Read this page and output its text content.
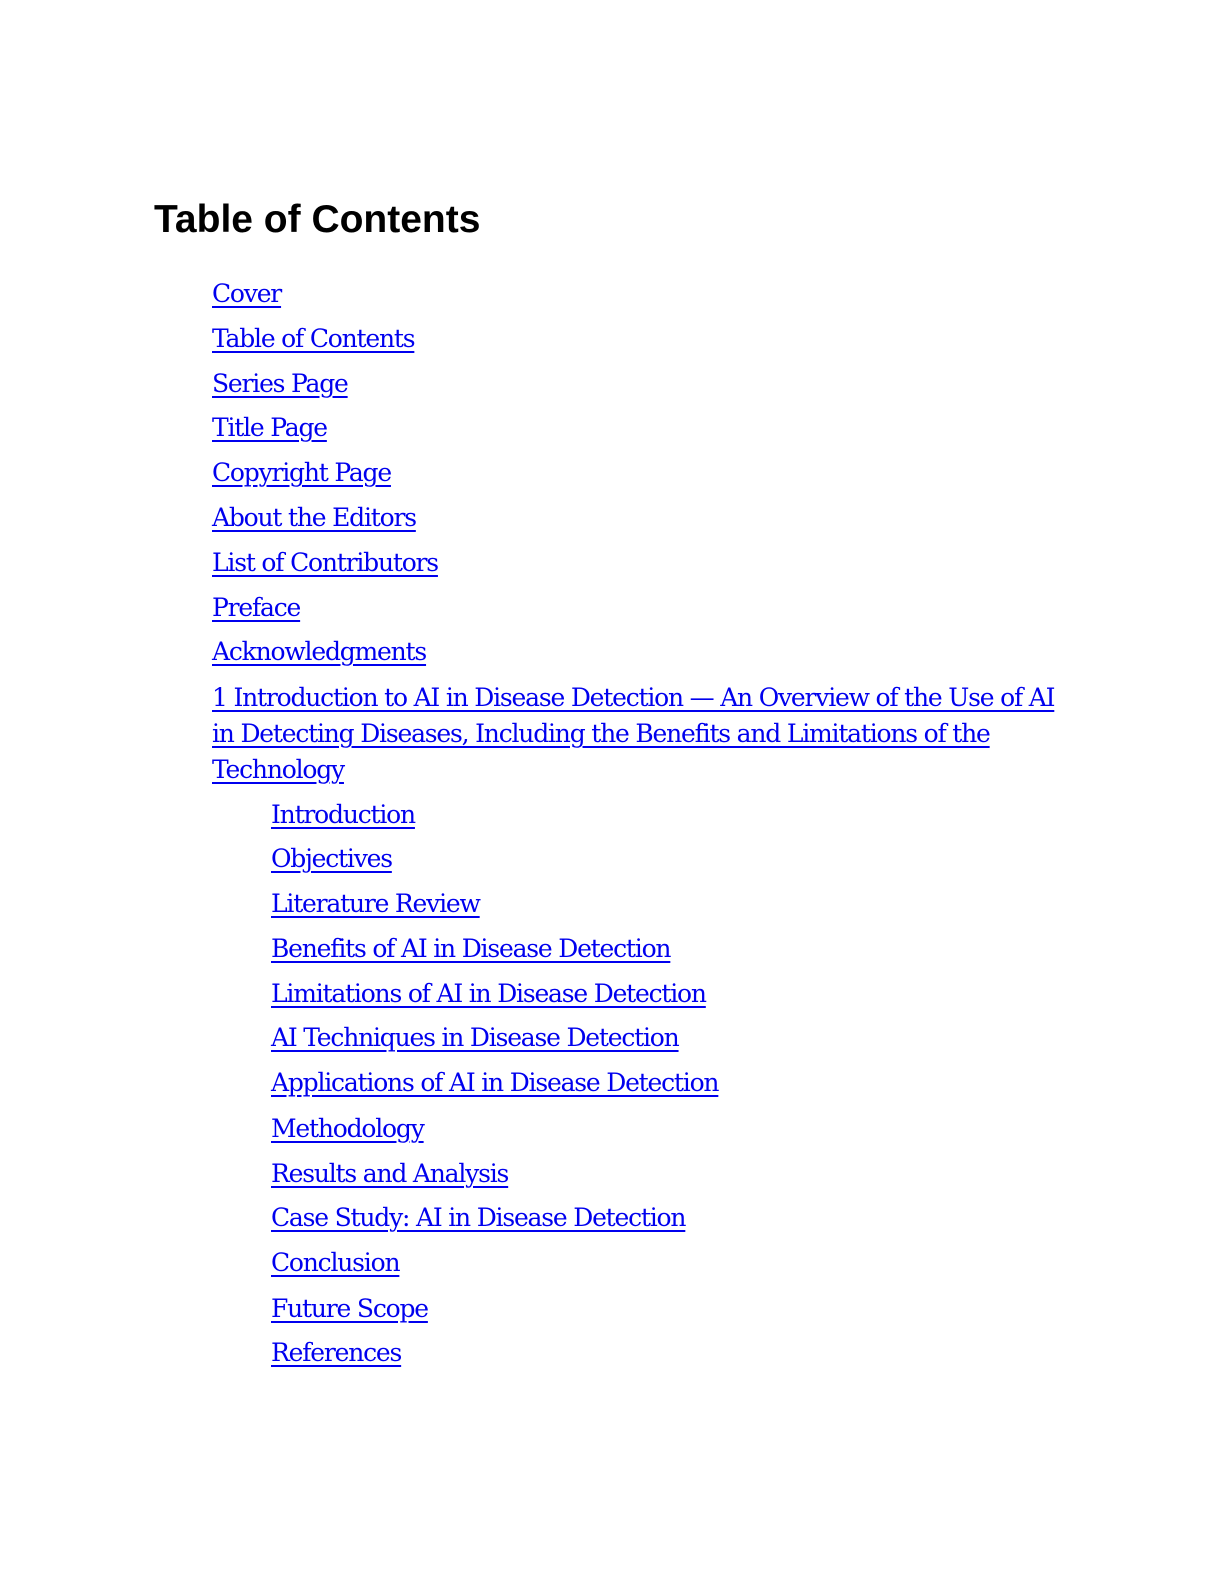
Table of Contents
Cover
Table of Contents
Series Page
Title Page
Copyright Page
About the Editors
List of Contributors
Preface
Acknowledgments
1 Introduction to AI in Disease Detection — An Overview of the Use of AI in Detecting Diseases, Including the Benefits and Limitations of the Technology
Introduction
Objectives
Literature Review
Benefits of AI in Disease Detection
Limitations of AI in Disease Detection
AI Techniques in Disease Detection
Applications of AI in Disease Detection
Methodology
Results and Analysis
Case Study: AI in Disease Detection
Conclusion
Future Scope
References
